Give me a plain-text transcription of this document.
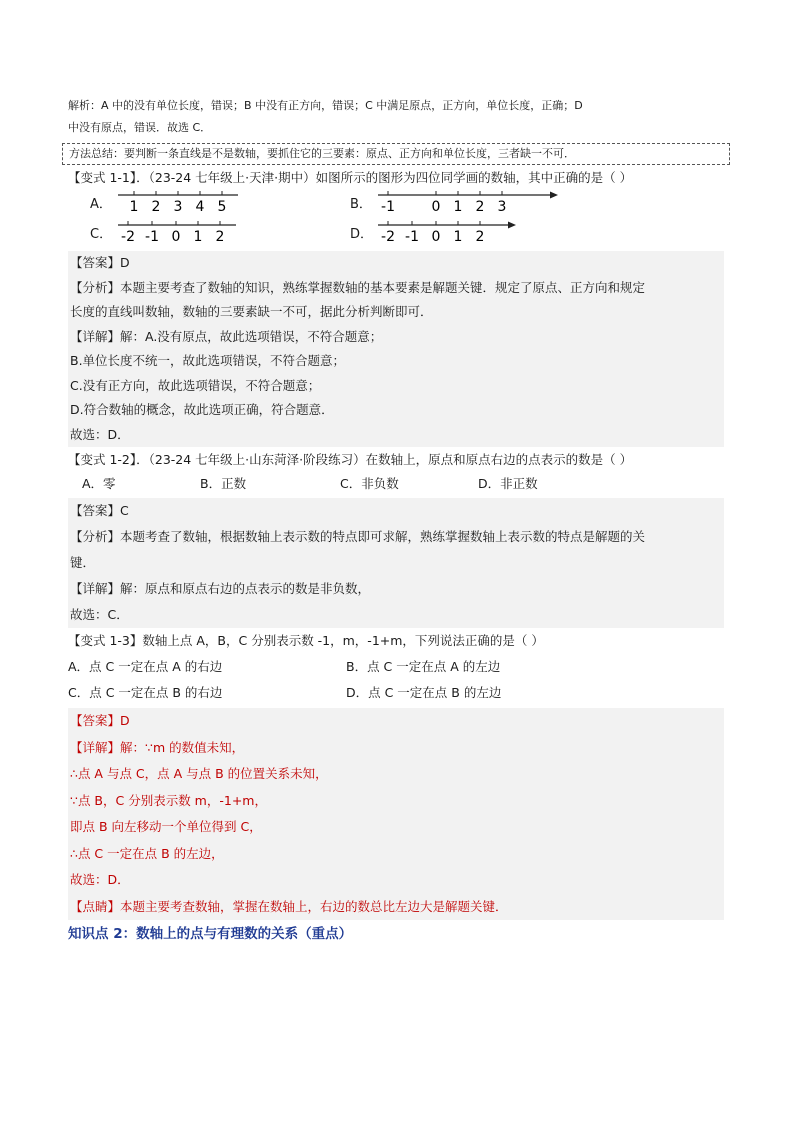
解析：A 中的没有单位长度，错误；B 中没有正方向，错误；C 中满足原点，正方向，单位长度，正确；D
中没有原点，错误．故选 C．
方法总结：要判断一条直线是不是数轴，要抓住它的三要素：原点、正方向和单位长度，三者缺一不可．
【变式 1-1】．（23-24 七年级上·天津·期中）如图所示的图形为四位同学画的数轴，其中正确的是（ ）
A． 1 2 3 4 5	B． -1	0 1 2 3
C． -2 -1 0 1 2	D． -2 -1 0 1 2
【答案】D
【分析】本题主要考查了数轴的知识，熟练掌握数轴的基本要素是解题关键．规定了原点、正方向和规定
长度的直线叫数轴，数轴的三要素缺一不可，据此分析判断即可．
【详解】解：A.没有原点，故此选项错误，不符合题意；
B.单位长度不统一，故此选项错误，不符合题意；
C.没有正方向，故此选项错误，不符合题意；
D.符合数轴的概念，故此选项正确，符合题意．
故选：D．
【变式 1-2】．（23-24 七年级上·山东菏泽·阶段练习）在数轴上，原点和原点右边的点表示的数是（ ）
A．零	B．正数	C．非负数	D．非正数
【答案】C
【分析】本题考查了数轴，根据数轴上表示数的特点即可求解，熟练掌握数轴上表示数的特点是解题的关
键．
【详解】解：原点和原点右边的点表示的数是非负数，
故选：C．
【变式 1-3】数轴上点 A，B，C 分别表示数 -1，m，-1+m，下列说法正确的是（ ）
A．点 C 一定在点 A 的右边	B．点 C 一定在点 A 的左边
C．点 C 一定在点 B 的右边	D．点 C 一定在点 B 的左边
【答案】D
【详解】解：∵m 的数值未知，
∴点 A 与点 C，点 A 与点 B 的位置关系未知，
∵点 B，C 分别表示数 m，-1+m，
即点 B 向左移动一个单位得到 C，
∴点 C 一定在点 B 的左边，
故选：D．
【点睛】本题主要考查数轴，掌握在数轴上，右边的数总比左边大是解题关键．
知识点 2：数轴上的点与有理数的关系（重点）
